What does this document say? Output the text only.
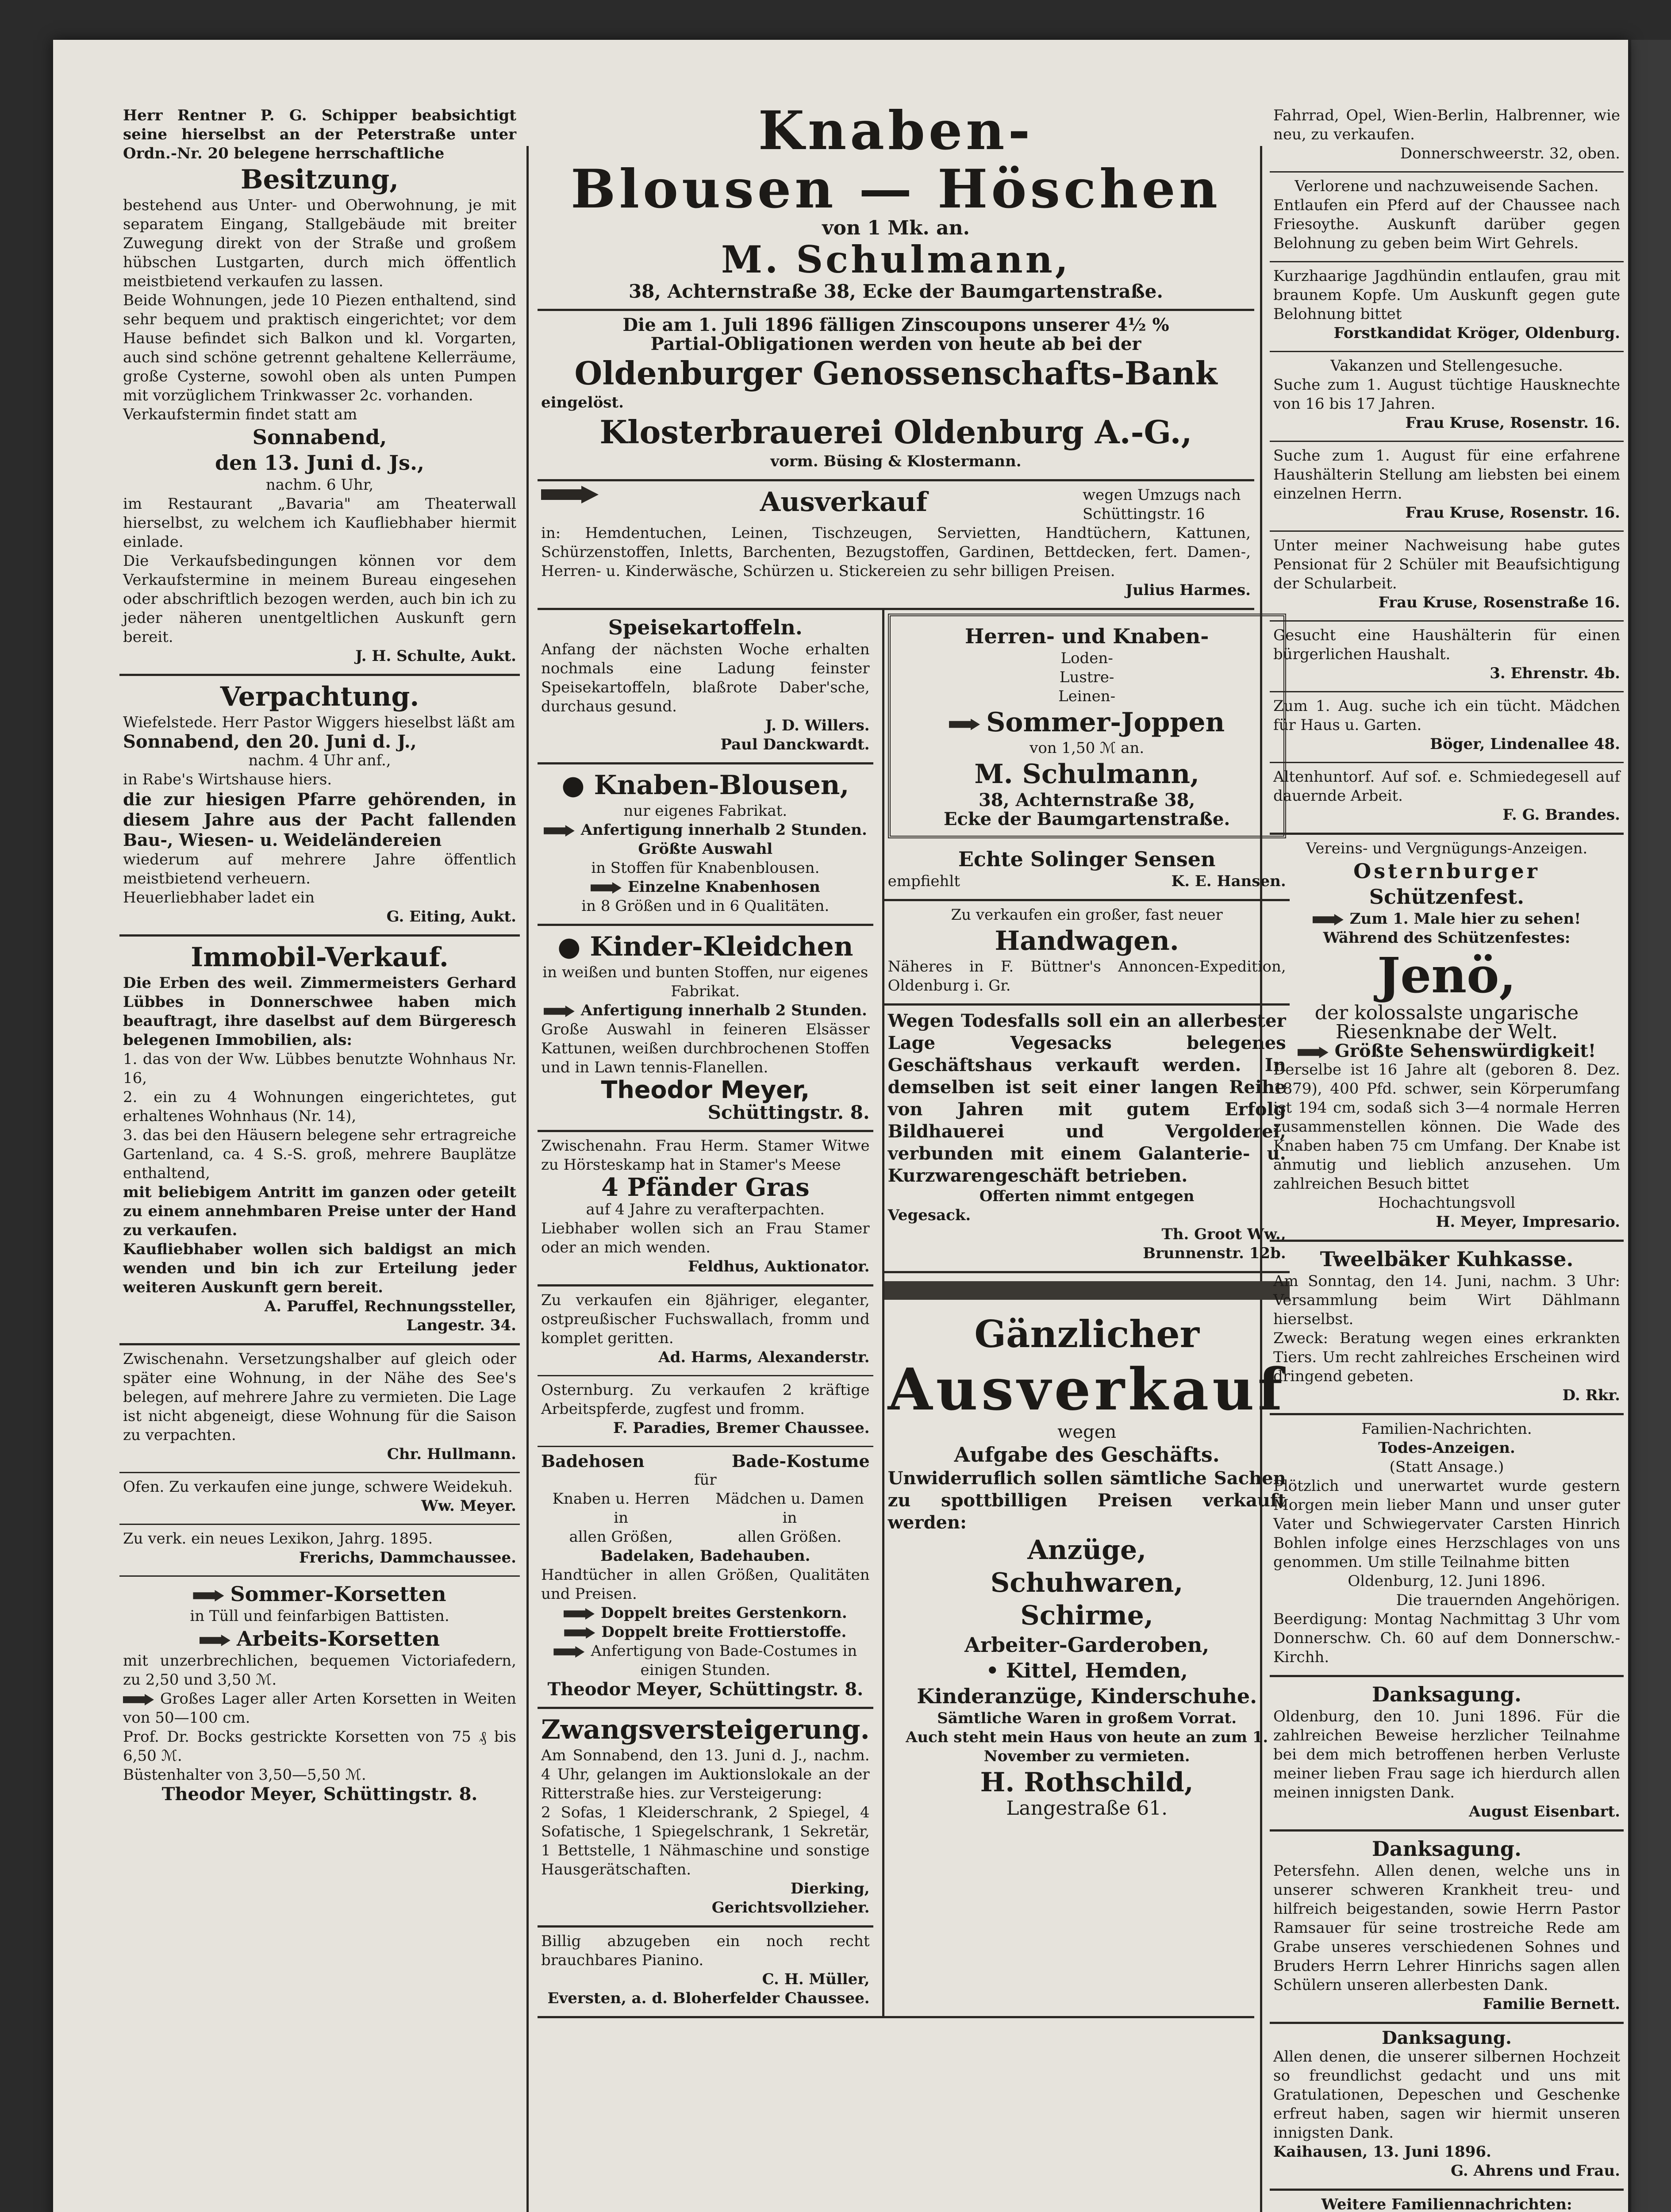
Herr Rentner P. G. Schipper beabsichtigt seine hierselbst an der Peterstraße unter Ordn.-Nr. 20 belegene herrschaftliche
Besitzung,
bestehend aus Unter- und Oberwohnung, je mit separatem Eingang, Stallgebäude mit breiter Zuwegung direkt von der Straße und großem hübschen Lustgarten, durch mich öffentlich meistbietend verkaufen zu lassen.
Beide Wohnungen, jede 10 Piezen enthaltend, sind sehr bequem und praktisch eingerichtet; vor dem Hause befindet sich Balkon und kl. Vorgarten, auch sind schöne getrennt gehaltene Kellerräume, große Cysterne, sowohl oben als unten Pumpen mit vorzüglichem Trinkwasser 2c. vorhanden.
Verkaufstermin findet statt am
Sonnabend,
den 13. Juni d. Js.,
nachm. 6 Uhr,
im Restaurant „Bavaria" am Theaterwall hierselbst, zu welchem ich Kaufliebhaber hiermit einlade.
Die Verkaufsbedingungen können vor dem Verkaufstermine in meinem Bureau eingesehen oder abschriftlich bezogen werden, auch bin ich zu jeder näheren unentgeltlichen Auskunft gern bereit.
J. H. Schulte, Aukt.
Verpachtung.
Wiefelstede. Herr Pastor Wiggers hieselbst läßt am
Sonnabend, den 20. Juni d. J.,
nachm. 4 Uhr anf.,
in Rabe's Wirtshause hiers.
die zur hiesigen Pfarre gehörenden, in diesem Jahre aus der Pacht fallenden Bau-, Wiesen- u. Weideländereien
wiederum auf mehrere Jahre öffentlich meistbietend verheuern.
Heuerliebhaber ladet ein
G. Eiting, Aukt.
Immobil-Verkauf.
Die Erben des weil. Zimmermeisters Gerhard Lübbes in Donnerschwee haben mich beauftragt, ihre daselbst auf dem Bürgeresch belegenen Immobilien, als:
1. das von der Ww. Lübbes benutzte Wohnhaus Nr. 16,
2. ein zu 4 Wohnungen eingerichtetes, gut erhaltenes Wohnhaus (Nr. 14),
3. das bei den Häusern belegene sehr ertragreiche Gartenland, ca. 4 S.-S. groß, mehrere Bauplätze enthaltend,
mit beliebigem Antritt im ganzen oder geteilt zu einem annehmbaren Preise unter der Hand zu verkaufen.
Kaufliebhaber wollen sich baldigst an mich wenden und bin ich zur Erteilung jeder weiteren Auskunft gern bereit.
A. Paruffel, Rechnungssteller,
Langestr. 34.
Zwischenahn. Versetzungshalber auf gleich oder später eine Wohnung, in der Nähe des See's belegen, auf mehrere Jahre zu vermieten. Die Lage ist nicht abgeneigt, diese Wohnung für die Saison zu verpachten.
Chr. Hullmann.
Ofen. Zu verkaufen eine junge, schwere Weidekuh.
Ww. Meyer.
Zu verk. ein neues Lexikon, Jahrg. 1895.
Frerichs, Dammchaussee.
Sommer-Korsetten
in Tüll und feinfarbigen Battisten.
Arbeits-Korsetten
mit unzerbrechlichen, bequemen Victoriafedern, zu 2,50 und 3,50 ℳ.
Großes Lager aller Arten Korsetten in Weiten von 50—100 cm.
Prof. Dr. Bocks gestrickte Korsetten von 75 ₰ bis 6,50 ℳ.
Büstenhalter von 3,50—5,50 ℳ.
Theodor Meyer, Schüttingstr. 8.
Knaben-
Blousen — Höschen
von 1 Mk. an.
M. Schulmann,
38, Achternstraße 38, Ecke der Baumgartenstraße.
Die am 1. Juli 1896 fälligen Zinscoupons unserer 4½ %
Partial-Obligationen werden von heute ab bei der
Oldenburger Genossenschafts-Bank
eingelöst.
Klosterbrauerei Oldenburg A.-G.,
vorm. Büsing & Klostermann.
Ausverkauf	wegen Umzugs nach Schüttingstr. 16
in: Hemdentuchen, Leinen, Tischzeugen, Servietten, Handtüchern, Kattunen, Schürzenstoffen, Inletts, Barchenten, Bezugstoffen, Gardinen, Bettdecken, fert. Damen-, Herren- u. Kinderwäsche, Schürzen u. Stickereien zu sehr billigen Preisen.
Julius Harmes.
Speisekartoffeln.
Anfang der nächsten Woche erhalten nochmals eine Ladung feinster Speisekartoffeln, blaßrote Daber'sche, durchaus gesund.
J. D. Willers.
Paul Danckwardt.
● Knaben-Blousen,
nur eigenes Fabrikat.
Anfertigung innerhalb 2 Stunden.
Größte Auswahl
in Stoffen für Knabenblousen.
Einzelne Knabenhosen
in 8 Größen und in 6 Qualitäten.
● Kinder-Kleidchen
in weißen und bunten Stoffen, nur eigenes Fabrikat.
Anfertigung innerhalb 2 Stunden.
Große Auswahl in feineren Elsässer Kattunen, weißen durchbrochenen Stoffen und in Lawn tennis-Flanellen.
Theodor Meyer,
Schüttingstr. 8.
Zwischenahn. Frau Herm. Stamer Witwe zu Hörsteskamp hat in Stamer's Meese
4 Pfänder Gras
auf 4 Jahre zu verafterpachten.
Liebhaber wollen sich an Frau Stamer oder an mich wenden.
Feldhus, Auktionator.
Zu verkaufen ein 8jähriger, eleganter, ostpreußischer Fuchswallach, fromm und komplet geritten.
Ad. Harms, Alexanderstr.
Osternburg. Zu verkaufen 2 kräftige Arbeitspferde, zugfest und fromm.
F. Paradies, Bremer Chaussee.
Badehosen	Bade-Kostume
für
Knaben u. Herren
in
allen Größen,
Mädchen u. Damen
in
allen Größen.
Badelaken, Badehauben.
Handtücher in allen Größen, Qualitäten und Preisen.
Doppelt breites Gerstenkorn.
Doppelt breite Frottierstoffe.
Anfertigung von Bade-Costumes in einigen Stunden.
Theodor Meyer, Schüttingstr. 8.
Zwangsversteigerung.
Am Sonnabend, den 13. Juni d. J., nachm. 4 Uhr, gelangen im Auktionslokale an der Ritterstraße hies. zur Versteigerung:
2 Sofas, 1 Kleiderschrank, 2 Spiegel, 4 Sofatische, 1 Spiegelschrank, 1 Sekretär, 1 Bettstelle, 1 Nähmaschine und sonstige Hausgerätschaften.
Dierking,
Gerichtsvollzieher.
Billig abzugeben ein noch recht brauchbares Pianino.
C. H. Müller,
Eversten, a. d. Bloherfelder Chaussee.
Herren- und Knaben-
Loden-
Lustre-
Leinen-
Sommer-Joppen
von 1,50 ℳ an.
M. Schulmann,
38, Achternstraße 38,
Ecke der Baumgartenstraße.
Echte Solinger Sensen
empfiehlt	K. E. Hansen.
Zu verkaufen ein großer, fast neuer
Handwagen.
Näheres in F. Büttner's Annoncen-Expedition, Oldenburg i. Gr.
Wegen Todesfalls soll ein an allerbester Lage Vegesacks belegenes Geschäftshaus verkauft werden. In demselben ist seit einer langen Reihe von Jahren mit gutem Erfolg Bildhauerei und Vergolderei, verbunden mit einem Galanterie- u. Kurzwarengeschäft betrieben.
Offerten nimmt entgegen
Vegesack.
Th. Groot Ww.,
Brunnenstr. 12b.
Gänzlicher
Ausverkauf
wegen
Aufgabe des Geschäfts.
Unwiderruflich sollen sämtliche Sachen zu spottbilligen Preisen verkauft werden:
Anzüge,
Schuhwaren,
Schirme,
Arbeiter-Garderoben,
• Kittel, Hemden,
Kinderanzüge, Kinderschuhe.
Sämtliche Waren in großem Vorrat.
Auch steht mein Haus von heute an zum 1. November zu vermieten.
H. Rothschild,
Langestraße 61.
Fahrrad, Opel, Wien-Berlin, Halbrenner, wie neu, zu verkaufen.
Donnerschweerstr. 32, oben.
Verlorene und nachzuweisende Sachen.
Entlaufen ein Pferd auf der Chaussee nach Friesoythe. Auskunft darüber gegen Belohnung zu geben beim Wirt Gehrels.
Kurzhaarige Jagdhündin entlaufen, grau mit braunem Kopfe. Um Auskunft gegen gute Belohnung bittet
Forstkandidat Kröger, Oldenburg.
Vakanzen und Stellengesuche.
Suche zum 1. August tüchtige Hausknechte von 16 bis 17 Jahren.
Frau Kruse, Rosenstr. 16.
Suche zum 1. August für eine erfahrene Haushälterin Stellung am liebsten bei einem einzelnen Herrn.
Frau Kruse, Rosenstr. 16.
Unter meiner Nachweisung habe gutes Pensionat für 2 Schüler mit Beaufsichtigung der Schularbeit.
Frau Kruse, Rosenstraße 16.
Gesucht eine Haushälterin für einen bürgerlichen Haushalt.
3. Ehrenstr. 4b.
Zum 1. Aug. suche ich ein tücht. Mädchen für Haus u. Garten.
Böger, Lindenallee 48.
Altenhuntorf. Auf sof. e. Schmiedegesell auf dauernde Arbeit.
F. G. Brandes.
Vereins- und Vergnügungs-Anzeigen.
Osternburger
Schützenfest.
Zum 1. Male hier zu sehen!
Während des Schützenfestes:
Jenö,
der kolossalste ungarische
Riesenknabe der Welt.
Größte Sehenswürdigkeit!
Derselbe ist 16 Jahre alt (geboren 8. Dez. 1879), 400 Pfd. schwer, sein Körperumfang ist 194 cm, sodaß sich 3—4 normale Herren zusammenstellen können. Die Wade des Knaben haben 75 cm Umfang. Der Knabe ist anmutig und lieblich anzusehen. Um zahlreichen Besuch bittet
Hochachtungsvoll
H. Meyer, Impresario.
Tweelbäker Kuhkasse.
Am Sonntag, den 14. Juni, nachm. 3 Uhr: Versammlung beim Wirt Dählmann hierselbst.
Zweck: Beratung wegen eines erkrankten Tiers. Um recht zahlreiches Erscheinen wird dringend gebeten.
D. Rkr.
Familien-Nachrichten.
Todes-Anzeigen.
(Statt Ansage.)
Plötzlich und unerwartet wurde gestern Morgen mein lieber Mann und unser guter Vater und Schwiegervater Carsten Hinrich Bohlen infolge eines Herzschlages von uns genommen. Um stille Teilnahme bitten
Oldenburg, 12. Juni 1896.
Die trauernden Angehörigen.
Beerdigung: Montag Nachmittag 3 Uhr vom Donnerschw. Ch. 60 auf dem Donnerschw.-Kirchh.
Danksagung.
Oldenburg, den 10. Juni 1896. Für die zahlreichen Beweise herzlicher Teilnahme bei dem mich betroffenen herben Verluste meiner lieben Frau sage ich hierdurch allen meinen innigsten Dank.
August Eisenbart.
Danksagung.
Petersfehn. Allen denen, welche uns in unserer schweren Krankheit treu- und hilfreich beigestanden, sowie Herrn Pastor Ramsauer für seine trostreiche Rede am Grabe unseres verschiedenen Sohnes und Bruders Herrn Lehrer Hinrichs sagen allen Schülern unseren allerbesten Dank.
Familie Bernett.
Danksagung.
Allen denen, die unserer silbernen Hochzeit so freundlichst gedacht und uns mit Gratulationen, Depeschen und Geschenke erfreut haben, sagen wir hiermit unseren innigsten Dank.
Kaihausen, 13. Juni 1896.
G. Ahrens und Frau.
Weitere Familiennachrichten:
